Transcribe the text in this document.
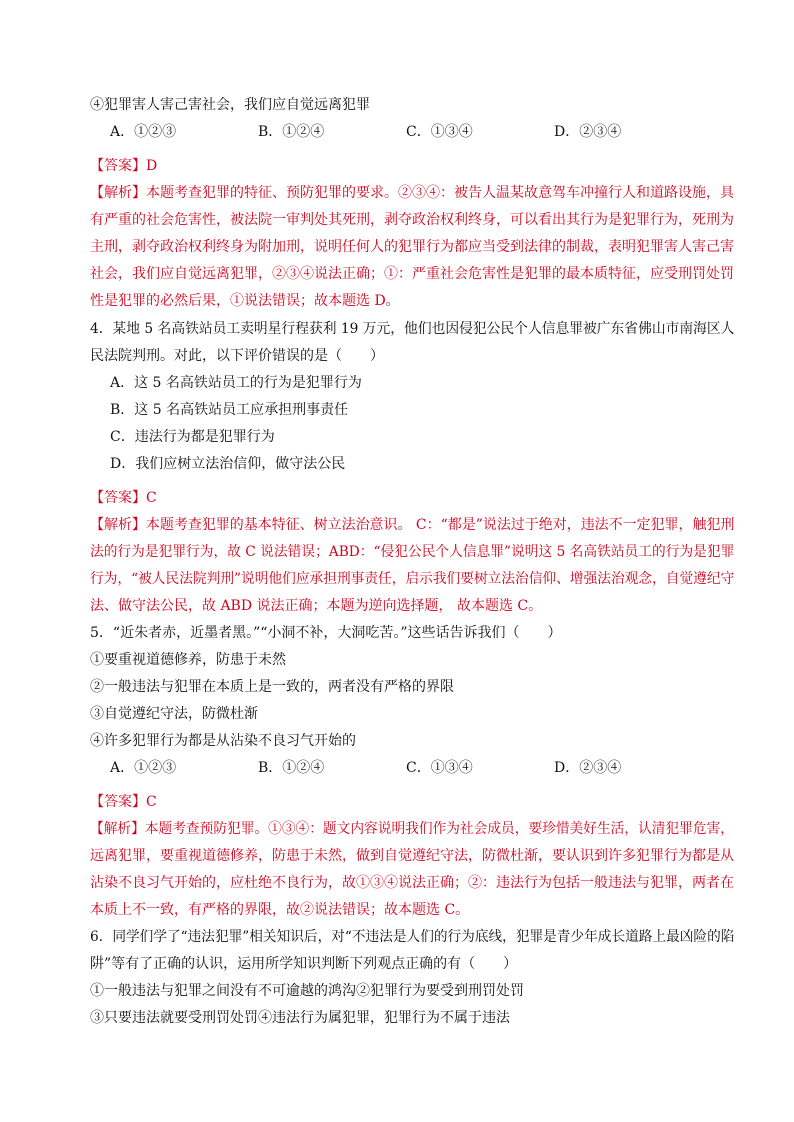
④犯罪害人害己害社会，我们应自觉远离犯罪
A．①②③	B．①②④	C．①③④	D．②③④
【答案】D
【解析】本题考查犯罪的特征、预防犯罪的要求。②③④：被告人温某故意驾车冲撞行人和道路设施，具
有严重的社会危害性，被法院一审判处其死刑，剥夺政治权利终身，可以看出其行为是犯罪行为，死刑为
主刑，剥夺政治权利终身为附加刑，说明任何人的犯罪行为都应当受到法律的制裁，表明犯罪害人害己害
社会，我们应自觉远离犯罪，②③④说法正确；①：严重社会危害性是犯罪的最本质特征，应受刑罚处罚
性是犯罪的必然后果，①说法错误；故本题选 D。
4．某地 5 名高铁站员工卖明星行程获利 19 万元，他们也因侵犯公民个人信息罪被广东省佛山市南海区人
民法院判刑。对此，以下评价错误的是（　　）
A．这 5 名高铁站员工的行为是犯罪行为
B．这 5 名高铁站员工应承担刑事责任
C．违法行为都是犯罪行为
D．我们应树立法治信仰，做守法公民
【答案】C
【解析】本题考查犯罪的基本特征、树立法治意识。 C：“都是”说法过于绝对，违法不一定犯罪，触犯刑
法的行为是犯罪行为，故 C 说法错误；ABD：“侵犯公民个人信息罪”说明这 5 名高铁站员工的行为是犯罪
行为，“被人民法院判刑”说明他们应承担刑事责任，启示我们要树立法治信仰、增强法治观念，自觉遵纪守
法、做守法公民，故 ABD 说法正确；本题为逆向选择题， 故本题选 C。
5．“近朱者赤，近墨者黑。”“小洞不补，大洞吃苦。”这些话告诉我们（　　）
①要重视道德修养，防患于未然
②一般违法与犯罪在本质上是一致的，两者没有严格的界限
③自觉遵纪守法，防微杜渐
④许多犯罪行为都是从沾染不良习气开始的
A．①②③	B．①②④	C．①③④	D．②③④
【答案】C
【解析】本题考查预防犯罪。①③④：题文内容说明我们作为社会成员，要珍惜美好生活，认清犯罪危害，
远离犯罪，要重视道德修养，防患于未然，做到自觉遵纪守法，防微杜渐，要认识到许多犯罪行为都是从
沾染不良习气开始的，应杜绝不良行为，故①③④说法正确；②：违法行为包括一般违法与犯罪，两者在
本质上不一致，有严格的界限，故②说法错误；故本题选 C。
6．同学们学了“违法犯罪”相关知识后，对“不违法是人们的行为底线，犯罪是青少年成长道路上最凶险的陷
阱”等有了正确的认识，运用所学知识判断下列观点正确的有（　　）
①一般违法与犯罪之间没有不可逾越的鸿沟②犯罪行为要受到刑罚处罚
③只要违法就要受刑罚处罚④违法行为属犯罪，犯罪行为不属于违法
